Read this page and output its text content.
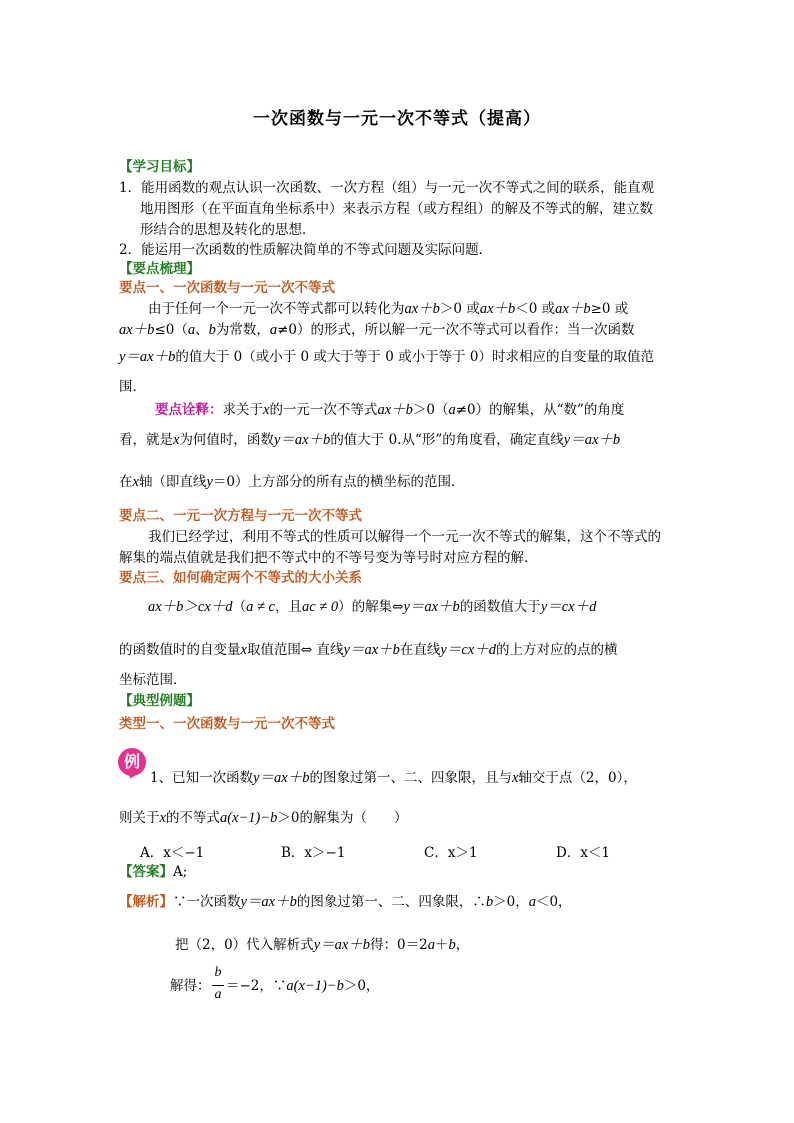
一次函数与一元一次不等式（提高）
【学习目标】
1．能用函数的观点认识一次函数、一次方程（组）与一元一次不等式之间的联系，能直观
地用图形（在平面直角坐标系中）来表示方程（或方程组）的解及不等式的解，建立数
形结合的思想及转化的思想．
2．能运用一次函数的性质解决简单的不等式问题及实际问题．
【要点梳理】
要点一、一次函数与一元一次不等式
由于任何一个一元一次不等式都可以转化为ax＋b＞0 或ax＋b＜0 或ax＋b≥0 或
ax＋b≤0（a、b为常数，a≠0）的形式，所以解一元一次不等式可以看作：当一次函数
y＝ax＋b的值大于 0（或小于 0 或大于等于 0 或小于等于 0）时求相应的自变量的取值范
围．
要点诠释：求关于x的一元一次不等式ax＋b＞0（a≠0）的解集，从“数”的角度
看，就是x为何值时，函数y＝ax＋b的值大于 0.从“形”的角度看，确定直线y＝ax＋b
在x轴（即直线y＝0）上方部分的所有点的横坐标的范围．
要点二、一元一次方程与一元一次不等式
我们已经学过，利用不等式的性质可以解得一个一元一次不等式的解集，这个不等式的
解集的端点值就是我们把不等式中的不等号变为等号时对应方程的解．
要点三、如何确定两个不等式的大小关系
ax＋b＞cx＋d（a ≠ c，且ac ≠ 0）的解集⇔y＝ax＋b的函数值大于y＝cx＋d
的函数值时的自变量x取值范围⇔ 直线y＝ax＋b在直线y＝cx＋d的上方对应的点的横
坐标范围．
【典型例题】
类型一、一次函数与一元一次不等式
例
1、已知一次函数y＝ax＋b的图象过第一、二、四象限，且与x轴交于点（2，0），
则关于x的不等式a(x−1)−b＞0的解集为（　　）
A．x＜−1	B．x＞−1	C．x＞1	D．x＜1
【答案】A;
【解析】∵一次函数y＝ax＋b的图象过第一、二、四象限，∴b＞0，a＜0，
把（2，0）代入解析式y＝ax＋b得：0＝2a＋b，
解得：
b
a
＝−2，∵a(x−1)−b＞0，
